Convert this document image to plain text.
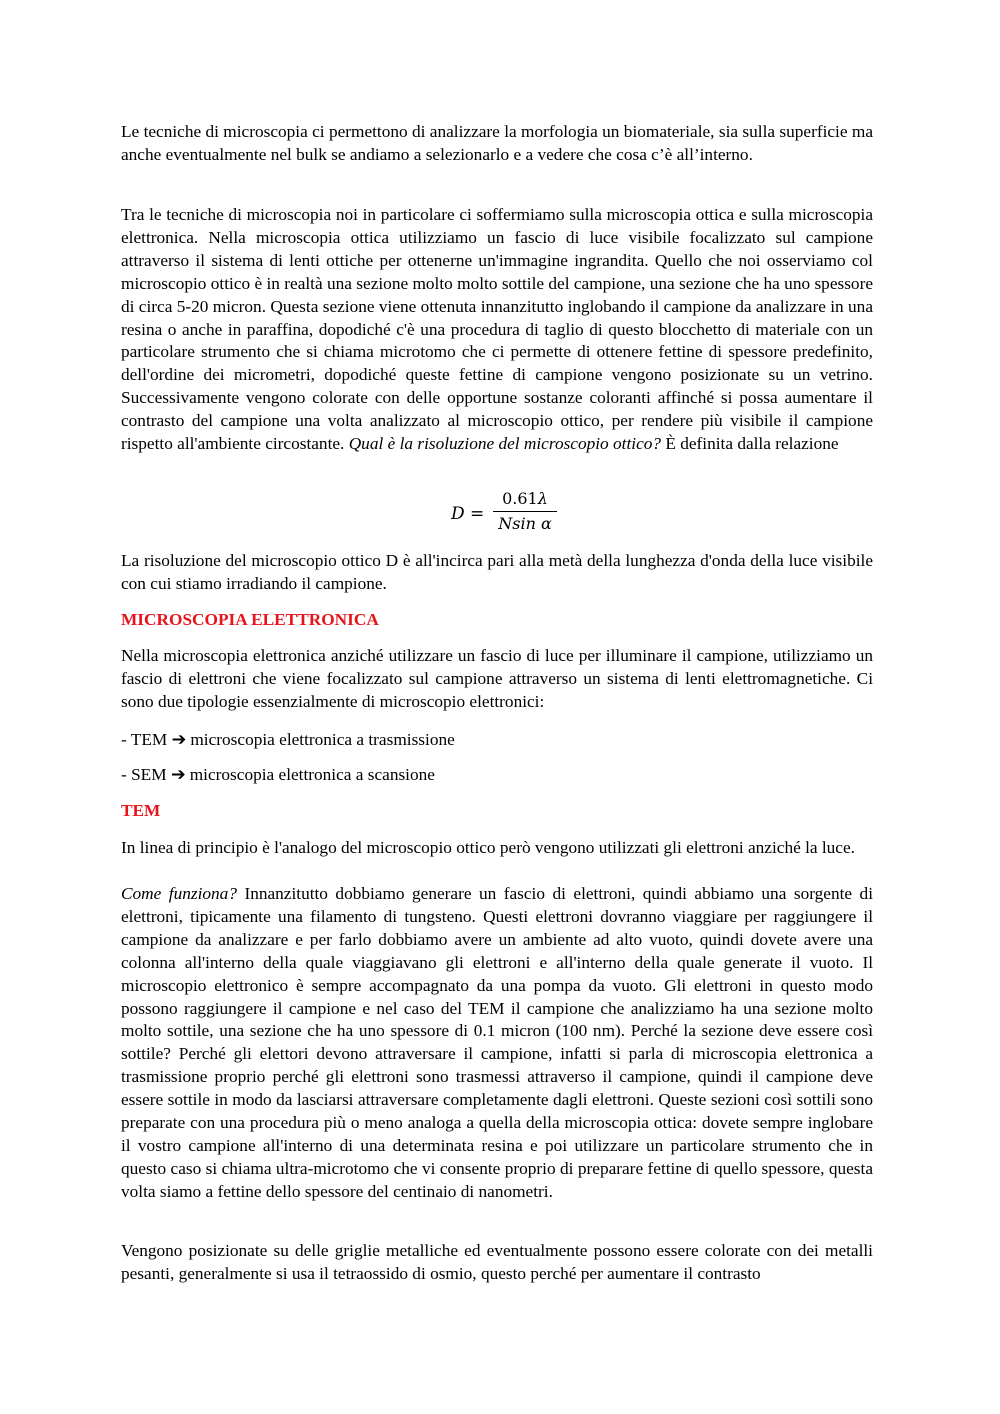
Le tecniche di microscopia ci permettono di analizzare la morfologia un biomateriale, sia sulla superficie ma anche eventualmente nel bulk se andiamo a selezionarlo e a vedere che cosa c’è all’interno.

Tra le tecniche di microscopia noi in particolare ci soffermiamo sulla microscopia ottica e sulla microscopia elettronica. Nella microscopia ottica utilizziamo un fascio di luce visibile focalizzato sul campione attraverso il sistema di lenti ottiche per ottenerne un'immagine ingrandita. Quello che noi osserviamo col microscopio ottico è in realtà una sezione molto molto sottile del campione, una sezione che ha uno spessore di circa 5-20 micron. Questa sezione viene ottenuta innanzitutto inglobando il campione da analizzare in una resina o anche in paraffina, dopodiché c'è una procedura di taglio di questo blocchetto di materiale con un particolare strumento che si chiama microtomo che ci permette di ottenere fettine di spessore predefinito, dell'ordine dei micrometri, dopodiché queste fettine di campione vengono posizionate su un vetrino. Successivamente vengono colorate con delle opportune sostanze coloranti affinché si possa aumentare il contrasto del campione una volta analizzato al microscopio ottico, per rendere più visibile il campione rispetto all'ambiente circostante. Qual è la risoluzione del microscopio ottico? È definita dalla relazione

D =
0.61λ
Nsin α

La risoluzione del microscopio ottico D è all'incirca pari alla metà della lunghezza d'onda della luce visibile con cui stiamo irradiando il campione.

MICROSCOPIA ELETTRONICA

Nella microscopia elettronica anziché utilizzare un fascio di luce per illuminare il campione, utilizziamo un fascio di elettroni che viene focalizzato sul campione attraverso un sistema di lenti elettromagnetiche. Ci sono due tipologie essenzialmente di microscopio elettronici:

- TEM ➔ microscopia elettronica a trasmissione

- SEM ➔ microscopia elettronica a scansione

TEM

In linea di principio è l'analogo del microscopio ottico però vengono utilizzati gli elettroni anziché la luce.

Come funziona? Innanzitutto dobbiamo generare un fascio di elettroni, quindi abbiamo una sorgente di elettroni, tipicamente una filamento di tungsteno. Questi elettroni dovranno viaggiare per raggiungere il campione da analizzare e per farlo dobbiamo avere un ambiente ad alto vuoto, quindi dovete avere una colonna all'interno della quale viaggiavano gli elettroni e all'interno della quale generate il vuoto. Il microscopio elettronico è sempre accompagnato da una pompa da vuoto. Gli elettroni in questo modo possono raggiungere il campione e nel caso del TEM il campione che analizziamo ha una sezione molto molto sottile, una sezione che ha uno spessore di 0.1 micron (100 nm). Perché la sezione deve essere così sottile? Perché gli elettori devono attraversare il campione, infatti si parla di microscopia elettronica a trasmissione proprio perché gli elettroni sono trasmessi attraverso il campione, quindi il campione deve essere sottile in modo da lasciarsi attraversare completamente dagli elettroni. Queste sezioni così sottili sono preparate con una procedura più o meno analoga a quella della microscopia ottica: dovete sempre inglobare il vostro campione all'interno di una determinata resina e poi utilizzare un particolare strumento che in questo caso si chiama ultra-microtomo che vi consente proprio di preparare fettine di quello spessore, questa volta siamo a fettine dello spessore del centinaio di nanometri.

Vengono posizionate su delle griglie metalliche ed eventualmente possono essere colorate con dei metalli pesanti, generalmente si usa il tetraossido di osmio, questo perché per aumentare il contrasto
